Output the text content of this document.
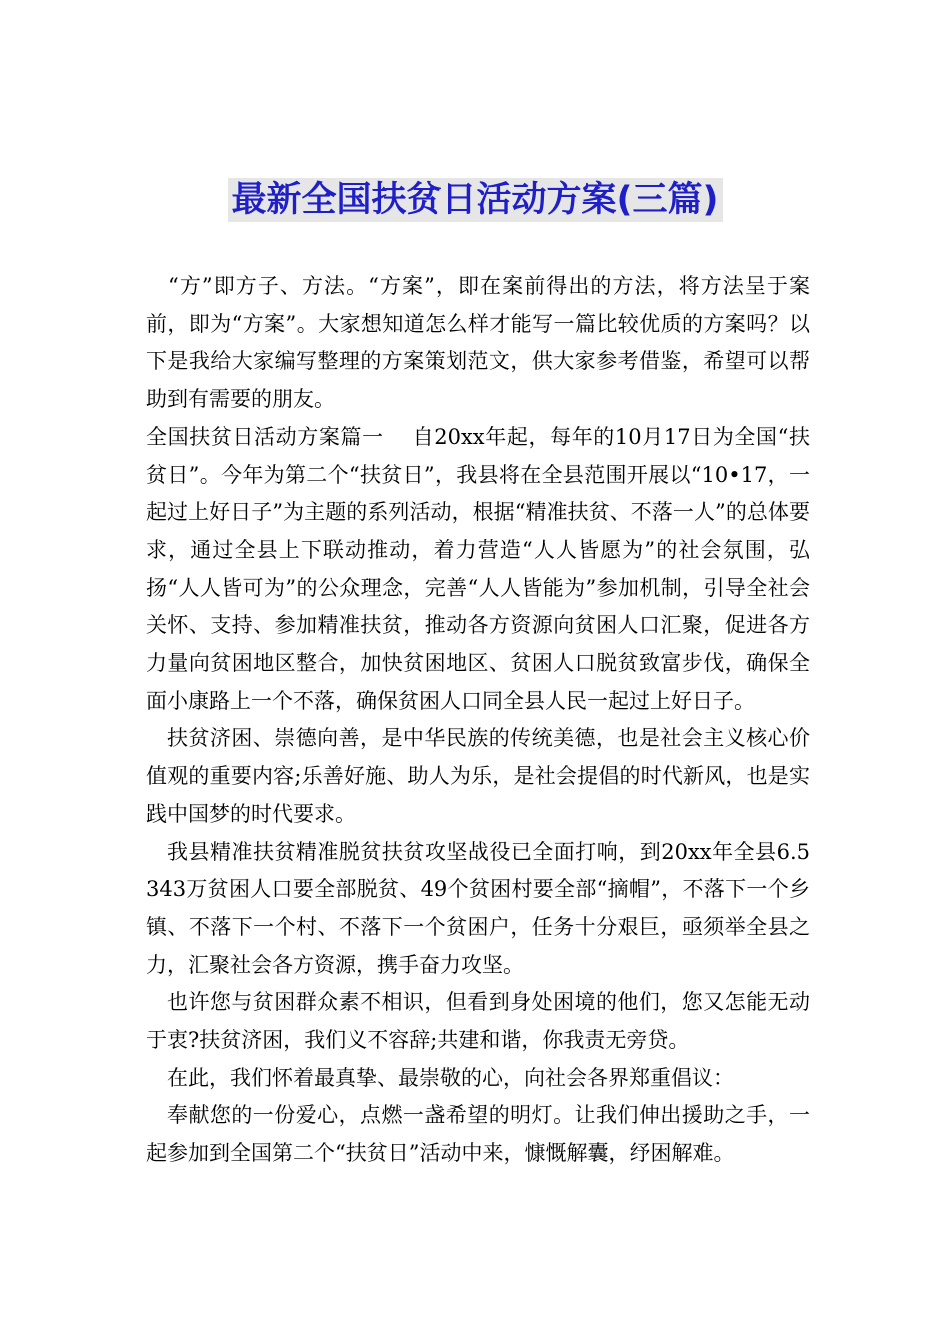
最新全国扶贫日活动方案(三篇)

“方”即方子、方法。“方案”，即在案前得出的方法，将方法呈于案前，即为“方案”。大家想知道怎么样才能写一篇比较优质的方案吗？以下是我给大家编写整理的方案策划范文，供大家参考借鉴，希望可以帮助到有需要的朋友。

全国扶贫日活动方案篇一　 自20xx年起，每年的10月17日为全国“扶贫日”。今年为第二个“扶贫日”，我县将在全县范围开展以“10•17，一起过上好日子”为主题的系列活动，根据“精准扶贫、不落一人”的总体要求，通过全县上下联动推动，着力营造“人人皆愿为”的社会氛围，弘扬“人人皆可为”的公众理念，完善“人人皆能为”参加机制，引导全社会关怀、支持、参加精准扶贫，推动各方资源向贫困人口汇聚，促进各方力量向贫困地区整合，加快贫困地区、贫困人口脱贫致富步伐，确保全面小康路上一个不落，确保贫困人口同全县人民一起过上好日子。

扶贫济困、崇德向善，是中华民族的传统美德，也是社会主义核心价值观的重要内容;乐善好施、助人为乐，是社会提倡的时代新风，也是实践中国梦的时代要求。

我县精准扶贫精准脱贫扶贫攻坚战役已全面打响，到20xx年全县6.5343万贫困人口要全部脱贫、49个贫困村要全部“摘帽”，不落下一个乡镇、不落下一个村、不落下一个贫困户，任务十分艰巨，亟须举全县之力，汇聚社会各方资源，携手奋力攻坚。

也许您与贫困群众素不相识，但看到身处困境的他们，您又怎能无动于衷?扶贫济困，我们义不容辞;共建和谐，你我责无旁贷。

在此，我们怀着最真挚、最崇敬的心，向社会各界郑重倡议：

奉献您的一份爱心，点燃一盏希望的明灯。让我们伸出援助之手，一起参加到全国第二个“扶贫日”活动中来，慷慨解囊，纾困解难。
